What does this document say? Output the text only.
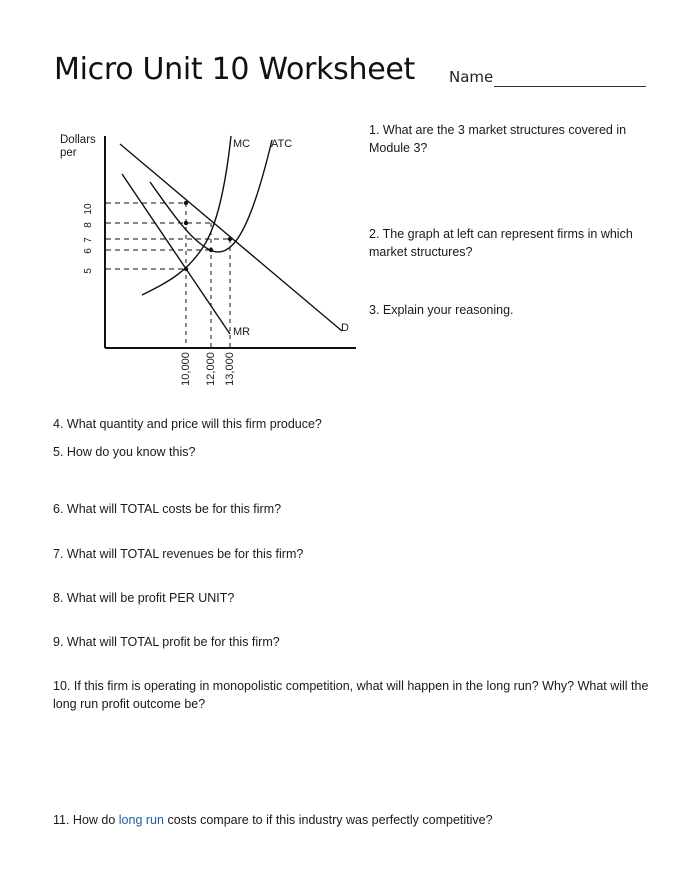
Micro Unit 10 Worksheet Name
Dollars
per
10
8
7
6
5
D
MR
MC ATC
10,000 12,000 13,000
1. What are the 3 market structures covered in Module 3?
2. The graph at left can represent firms in which market structures?
3. Explain your reasoning.
4. What quantity and price will this firm produce?
5. How do you know this?
6. What will TOTAL costs be for this firm?
7. What will TOTAL revenues be for this firm?
8. What will be profit PER UNIT?
9. What will TOTAL profit be for this firm?
10. If this firm is operating in monopolistic competition, what will happen in the long run? Why? What will the long run profit outcome be?
11. How do long run costs compare to if this industry was perfectly competitive?
